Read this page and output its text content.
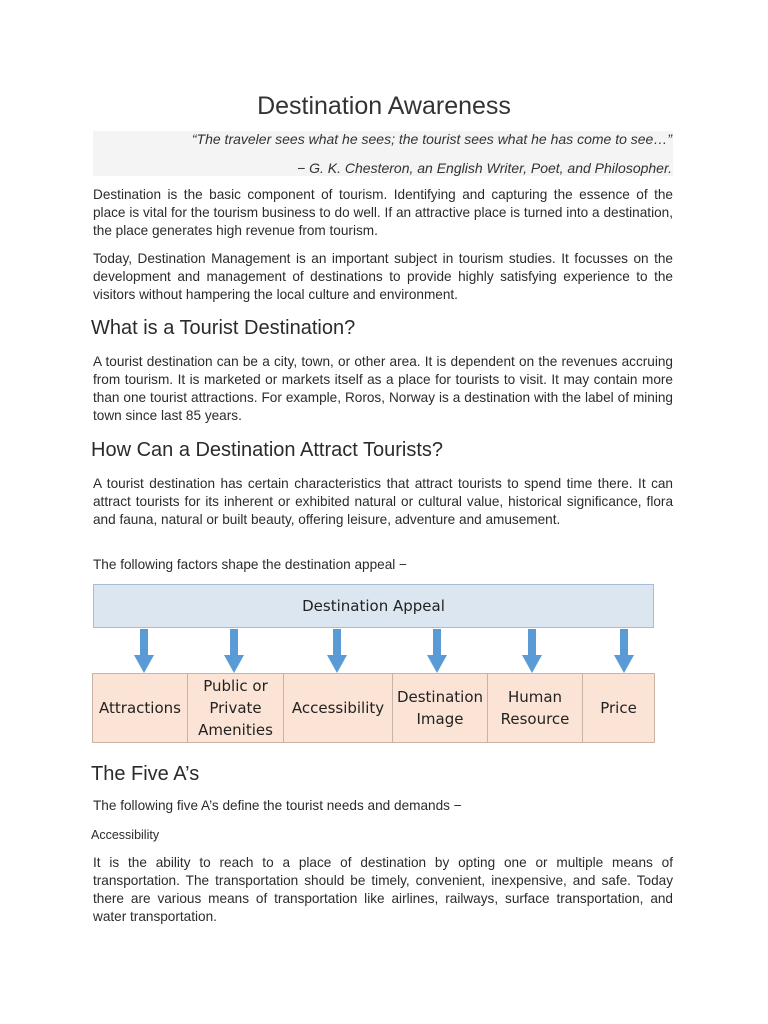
Destination Awareness
“The traveler sees what he sees; the tourist sees what he has come to see…”
− G. K. Chesteron, an English Writer, Poet, and Philosopher.
Destination is the basic component of tourism. Identifying and capturing the essence of the place is vital for the tourism business to do well. If an attractive place is turned into a destination, the place generates high revenue from tourism.
Today, Destination Management is an important subject in tourism studies. It focusses on the development and management of destinations to provide highly satisfying experience to the visitors without hampering the local culture and environment.
What is a Tourist Destination?
A tourist destination can be a city, town, or other area. It is dependent on the revenues accruing from tourism. It is marketed or markets itself as a place for tourists to visit. It may contain more than one tourist attractions. For example, Roros, Norway is a destination with the label of mining town since last 85 years.
How Can a Destination Attract Tourists?
A tourist destination has certain characteristics that attract tourists to spend time there. It can attract tourists for its inherent or exhibited natural or cultural value, historical significance, flora and fauna, natural or built beauty, offering leisure, adventure and amusement.
The following factors shape the destination appeal −
Destination Appeal
Attractions
Public or
Private
Amenities
Accessibility
Destination
Image
Human
Resource
Price
The Five A’s
The following five A’s define the tourist needs and demands −
Accessibility
It is the ability to reach to a place of destination by opting one or multiple means of transportation. The transportation should be timely, convenient, inexpensive, and safe. Today there are various means of transportation like airlines, railways, surface transportation, and water transportation.
